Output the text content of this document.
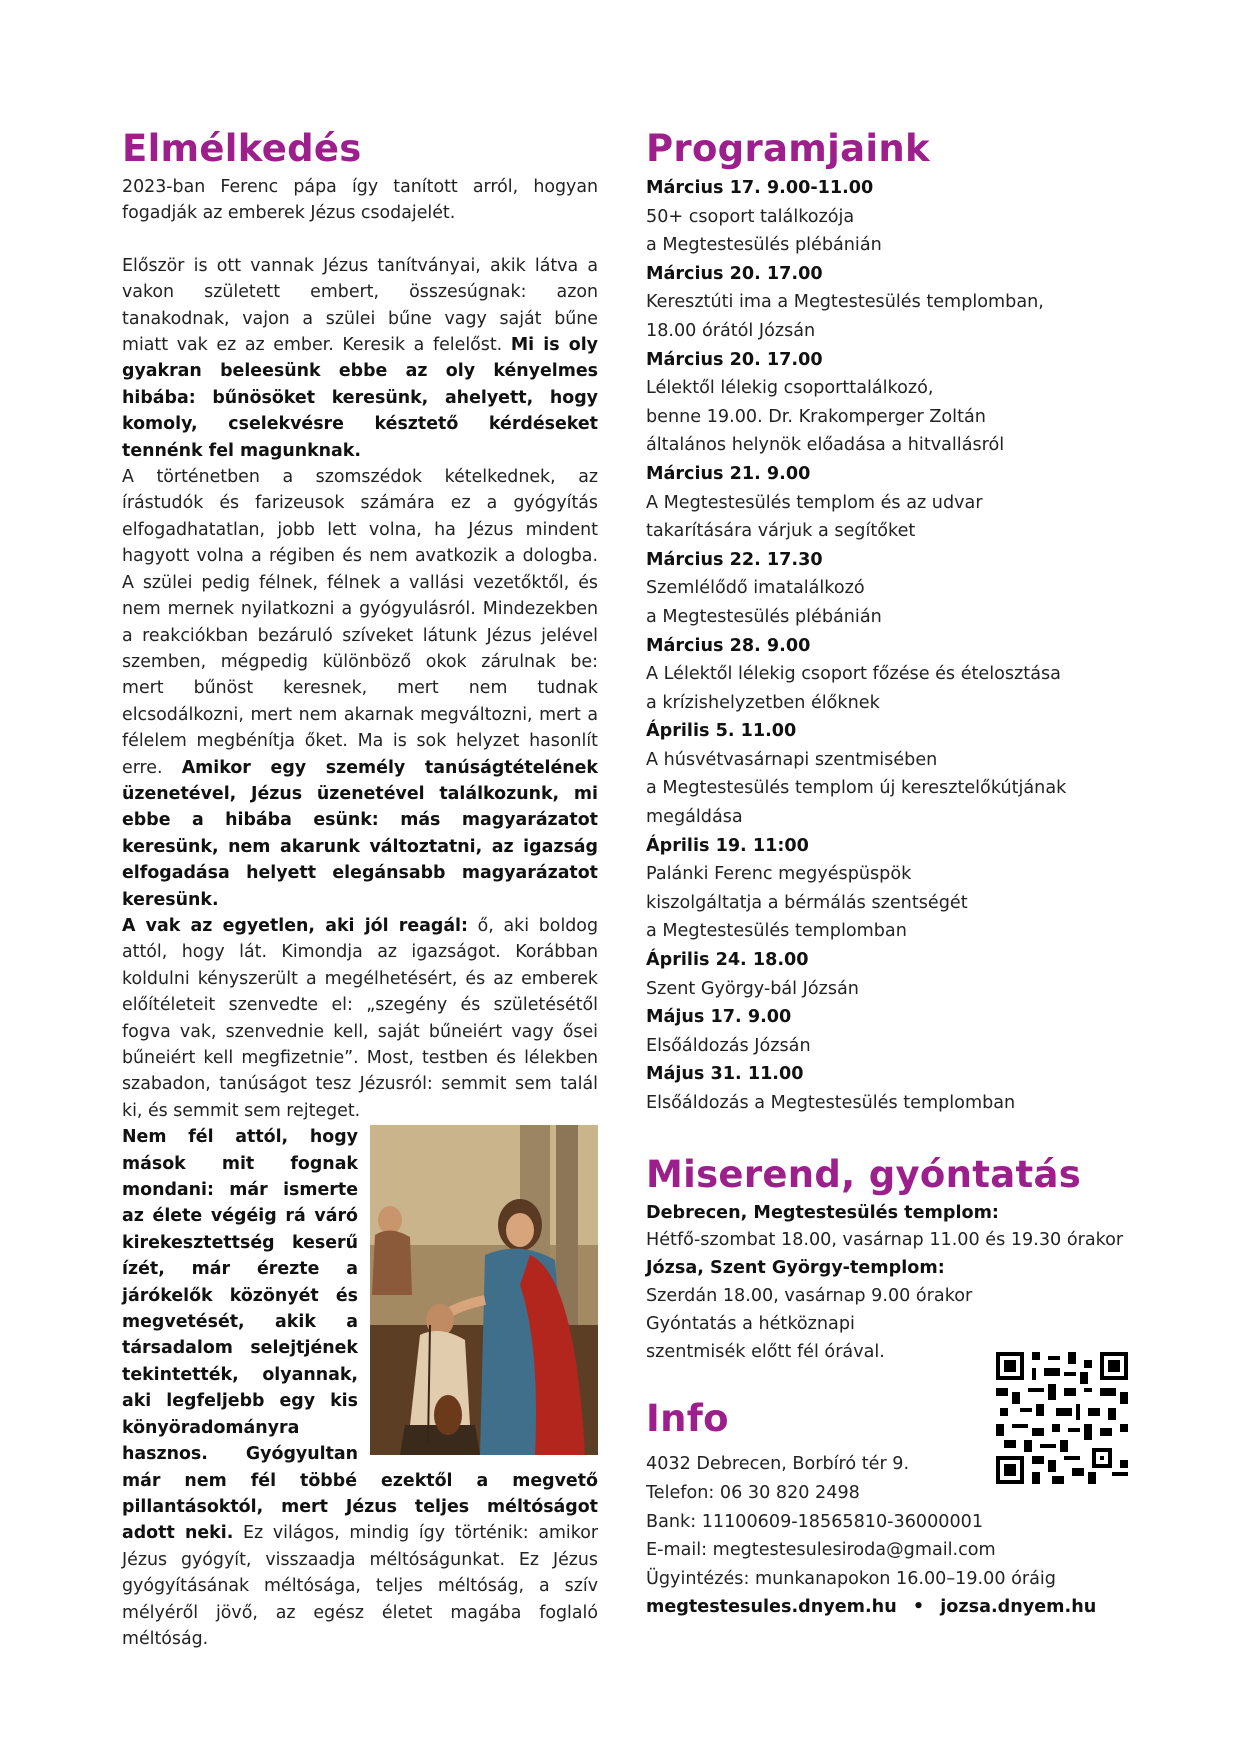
Elmélkedés

2023-ban Ferenc pápa így tanított arról, hogyan fogadják az emberek Jézus csodajelét.

Először is ott vannak Jézus tanítványai, akik látva a vakon született embert, összesúgnak: azon tanakodnak, vajon a szülei bűne vagy saját bűne miatt vak ez az ember. Keresik a felelőst. Mi is oly gyakran beleesünk ebbe az oly kényelmes hibába: bűnösöket keresünk, ahelyett, hogy komoly, cselekvésre késztető kérdéseket tennénk fel magunknak.

A történetben a szomszédok kételkednek, az írástudók és farizeusok számára ez a gyógyítás elfogadhatatlan, jobb lett volna, ha Jézus mindent hagyott volna a régiben és nem avatkozik a dologba. A szülei pedig félnek, félnek a vallási vezetőktől, és nem mernek nyilatkozni a gyógyulásról. Mindezekben a reakciókban bezáruló szíveket látunk Jézus jelével szemben, mégpedig különböző okok zárulnak be: mert bűnöst keresnek, mert nem tudnak elcsodálkozni, mert nem akarnak megváltozni, mert a félelem megbénítja őket. Ma is sok helyzet hasonlít erre. Amikor egy személy tanúságtételének üzenetével, Jézus üzenetével találkozunk, mi ebbe a hibába esünk: más magyarázatot keresünk, nem akarunk változtatni, az igazság elfogadása helyett elegánsabb magyarázatot keresünk.

A vak az egyetlen, aki jól reagál: ő, aki boldog attól, hogy lát. Kimondja az igazságot. Korábban koldulni kényszerült a megélhetésért, és az emberek előítéleteit szenvedte el: „szegény és születésétől fogva vak, szenvednie kell, saját bűneiért vagy ősei bűneiért kell megfizetnie”. Most, testben és lélekben szabadon, tanúságot tesz Jézusról: semmit sem talál ki, és semmit sem rejteget.

Nem fél attól, hogy mások mit fognak mondani: már ismerte az élete végéig rá váró kirekesztettség keserű ízét, már érezte a járókelők közönyét és megvetését, akik a társadalom selejtjének tekintették, olyannak, aki legfeljebb egy kis könyöradományra hasznos. Gyógyultan már nem fél többé ezektől a megvető pillantásoktól, mert Jézus teljes méltóságot adott neki. Ez világos, mindig így történik: amikor Jézus gyógyít, visszaadja méltóságunkat. Ez Jézus gyógyításának méltósága, teljes méltóság, a szív mélyéről jövő, az egész életet magába foglaló méltóság.

Programjaink
Március 17. 9.00-11.00
50+ csoport találkozója
a Megtestesülés plébánián
Március 20. 17.00
Keresztúti ima a Megtestesülés templomban,
18.00 órától Józsán
Március 20. 17.00
Lélektől lélekig csoporttalálkozó,
benne 19.00. Dr. Krakomperger Zoltán
általános helynök előadása a hitvallásról
Március 21. 9.00
A Megtestesülés templom és az udvar
takarítására várjuk a segítőket
Március 22. 17.30
Szemlélődő imatalálkozó
a Megtestesülés plébánián
Március 28. 9.00
A Lélektől lélekig csoport főzése és ételosztása
a krízishelyzetben élőknek
Április 5. 11.00
A húsvétvasárnapi szentmisében
a Megtestesülés templom új keresztelőkútjának
megáldása
Április 19. 11:00
Palánki Ferenc megyéspüspök
kiszolgáltatja a bérmálás szentségét
a Megtestesülés templomban
Április 24. 18.00
Szent György-bál Józsán
Május 17. 9.00
Elsőáldozás Józsán
Május 31. 11.00
Elsőáldozás a Megtestesülés templomban
Miserend, gyóntatás
Debrecen, Megtestesülés templom:
Hétfő-szombat 18.00, vasárnap 11.00 és 19.30 órakor
Józsa, Szent György-templom:
Szerdán 18.00, vasárnap 9.00 órakor
Gyóntatás a hétköznapi
szentmisék előtt fél órával.
Info
4032 Debrecen, Borbíró tér 9.
Telefon: 06 30 820 2498
Bank: 11100609-18565810-36000001
E-mail: megtestesulesiroda@gmail.com
Ügyintézés: munkanapokon 16.00–19.00 óráig
megtestesules.dnyem.hu • jozsa.dnyem.hu
